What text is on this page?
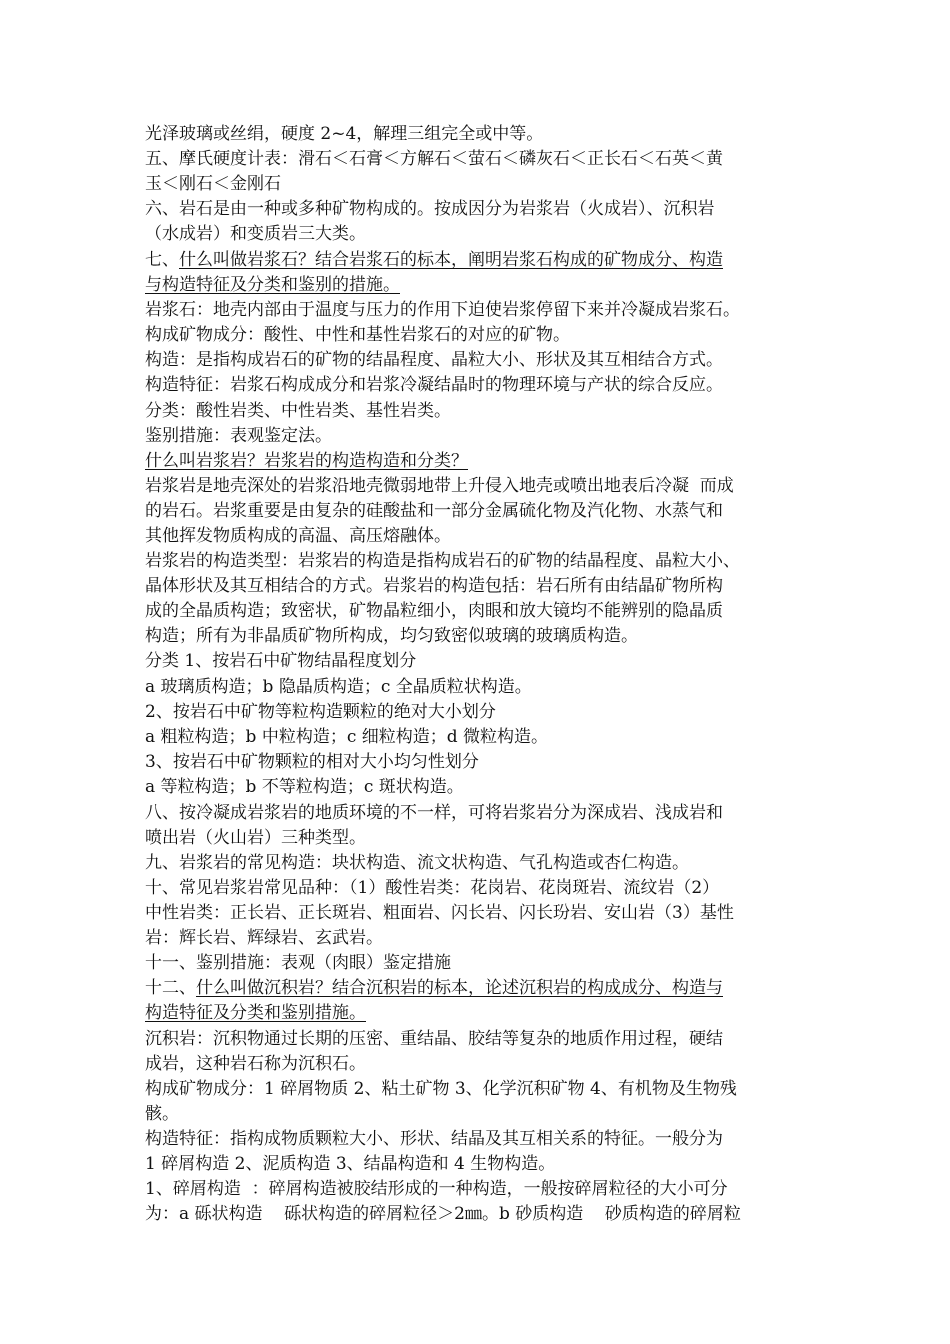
光泽玻璃或丝绢，硬度 2~4，解理三组完全或中等。
五、摩氏硬度计表：滑石＜石膏＜方解石＜萤石＜磷灰石＜正长石＜石英＜黄
玉＜刚石＜金刚石
六、岩石是由一种或多种矿物构成的。按成因分为岩浆岩（火成岩）、沉积岩
（水成岩）和变质岩三大类。
七、什么叫做岩浆石？结合岩浆石的标本，阐明岩浆石构成的矿物成分、构造
与构造特征及分类和鉴别的措施。
岩浆石：地壳内部由于温度与压力的作用下迫使岩浆停留下来并冷凝成岩浆石。
构成矿物成分：酸性、中性和基性岩浆石的对应的矿物。
构造：是指构成岩石的矿物的结晶程度、晶粒大小、形状及其互相结合方式。
构造特征：岩浆石构成成分和岩浆冷凝结晶时的物理环境与产状的综合反应。
分类：酸性岩类、中性岩类、基性岩类。
鉴别措施：表观鉴定法。
什么叫岩浆岩？岩浆岩的构造构造和分类？
岩浆岩是地壳深处的岩浆沿地壳微弱地带上升侵入地壳或喷出地表后冷凝  而成
的岩石。岩浆重要是由复杂的硅酸盐和一部分金属硫化物及汽化物、水蒸气和
其他挥发物质构成的高温、高压熔融体。
岩浆岩的构造类型：岩浆岩的构造是指构成岩石的矿物的结晶程度、晶粒大小、
晶体形状及其互相结合的方式。岩浆岩的构造包括：岩石所有由结晶矿物所构
成的全晶质构造；致密状，矿物晶粒细小，肉眼和放大镜均不能辨别的隐晶质
构造；所有为非晶质矿物所构成，均匀致密似玻璃的玻璃质构造。
分类 1、按岩石中矿物结晶程度划分
a 玻璃质构造；b 隐晶质构造；c 全晶质粒状构造。
2、按岩石中矿物等粒构造颗粒的绝对大小划分
a 粗粒构造；b 中粒构造；c 细粒构造；d 微粒构造。
3、按岩石中矿物颗粒的相对大小均匀性划分
a 等粒构造；b 不等粒构造；c 斑状构造。
八、按冷凝成岩浆岩的地质环境的不一样，可将岩浆岩分为深成岩、浅成岩和
喷出岩（火山岩）三种类型。
九、岩浆岩的常见构造：块状构造、流文状构造、气孔构造或杏仁构造。
十、常见岩浆岩常见品种：（1）酸性岩类：花岗岩、花岗斑岩、流纹岩（2）
中性岩类：正长岩、正长斑岩、粗面岩、闪长岩、闪长玢岩、安山岩（3）基性
岩：辉长岩、辉绿岩、玄武岩。
十一、鉴别措施：表观（肉眼）鉴定措施
十二、什么叫做沉积岩？结合沉积岩的标本，论述沉积岩的构成成分、构造与
构造特征及分类和鉴别措施。
沉积岩：沉积物通过长期的压密、重结晶、胶结等复杂的地质作用过程，硬结
成岩，这种岩石称为沉积石。
构成矿物成分：1 碎屑物质 2、粘土矿物 3、化学沉积矿物 4、有机物及生物残
骸。
构造特征：指构成物质颗粒大小、形状、结晶及其互相关系的特征。一般分为
1 碎屑构造 2、泥质构造 3、结晶构造和 4 生物构造。
1、碎屑构造  ：碎屑构造被胶结形成的一种构造，一般按碎屑粒径的大小可分
为：a 砾状构造    砾状构造的碎屑粒径＞2㎜。b 砂质构造    砂质构造的碎屑粒
